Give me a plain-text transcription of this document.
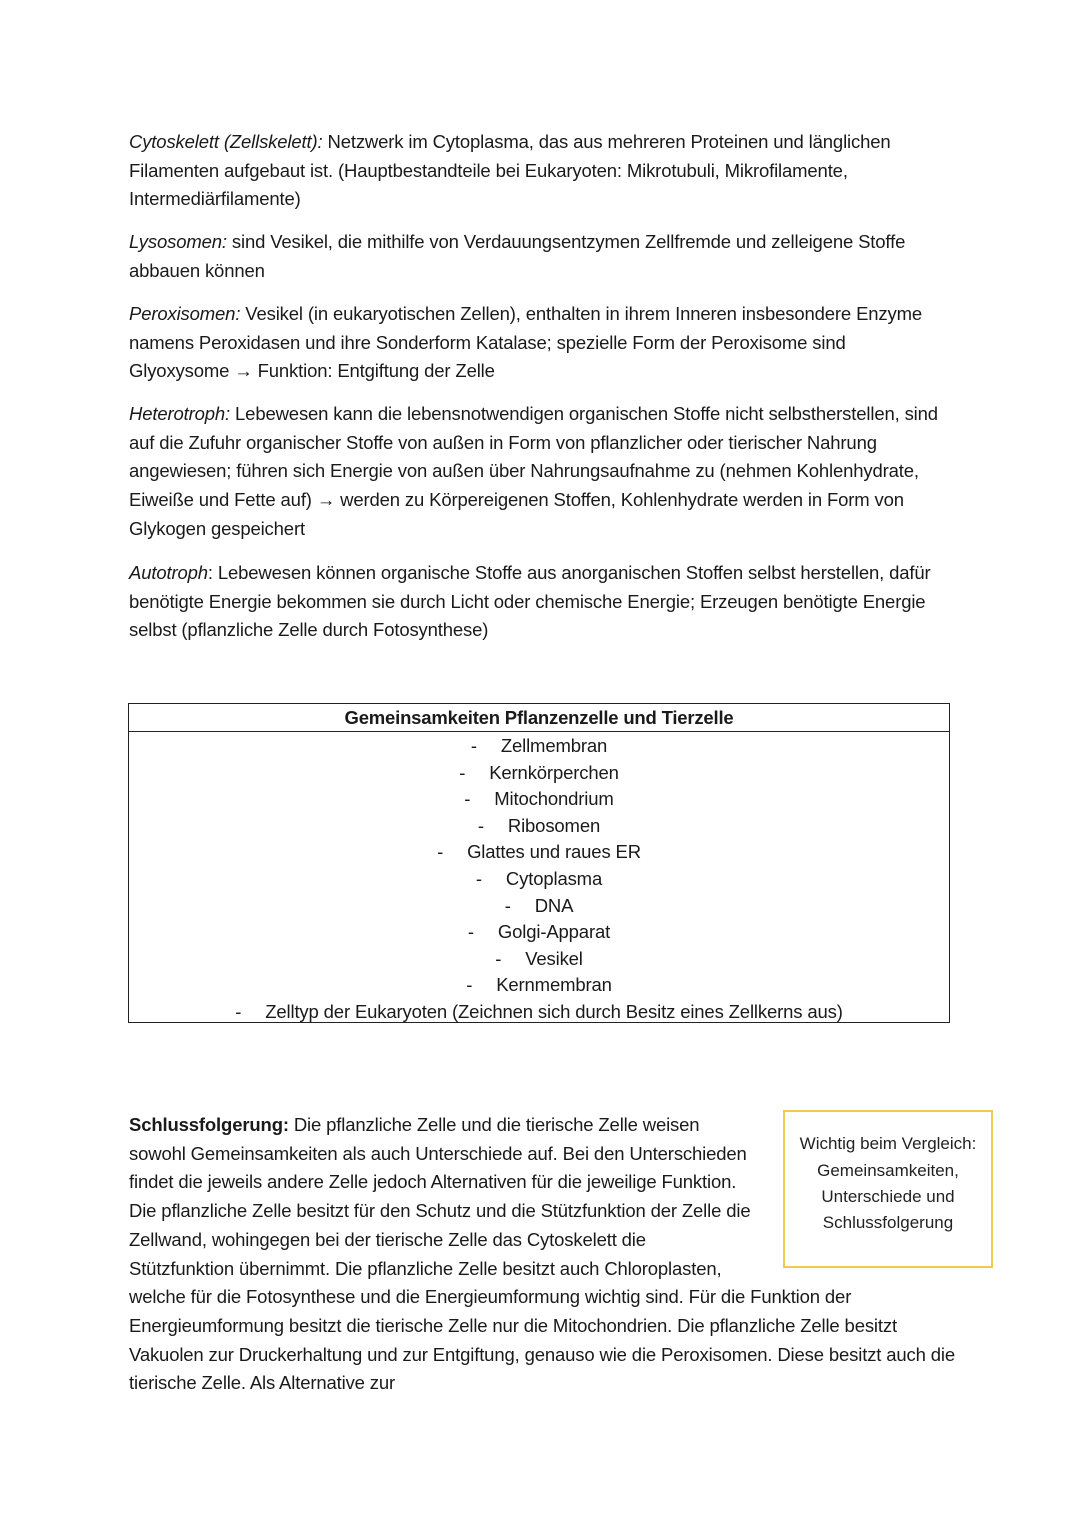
Cytoskelett (Zellskelett): Netzwerk im Cytoplasma, das aus mehreren Proteinen und länglichen Filamenten aufgebaut ist. (Hauptbestandteile bei Eukaryoten: Mikrotubuli, Mikrofilamente, Intermediärfilamente)

Lysosomen: sind Vesikel, die mithilfe von Verdauungsentzymen Zellfremde und zelleigene Stoffe abbauen können

Peroxisomen: Vesikel (in eukaryotischen Zellen), enthalten in ihrem Inneren insbesondere Enzyme namens Peroxidasen und ihre Sonderform Katalase; spezielle Form der Peroxisome sind Glyoxysome → Funktion: Entgiftung der Zelle

Heterotroph: Lebewesen kann die lebensnotwendigen organischen Stoffe nicht selbstherstellen, sind auf die Zufuhr organischer Stoffe von außen in Form von pflanzlicher oder tierischer Nahrung angewiesen; führen sich Energie von außen über Nahrungsaufnahme zu (nehmen Kohlenhydrate, Eiweiße und Fette auf) → werden zu Körpereigenen Stoffen, Kohlenhydrate werden in Form von Glykogen gespeichert

Autotroph: Lebewesen können organische Stoffe aus anorganischen Stoffen selbst herstellen, dafür benötigte Energie bekommen sie durch Licht oder chemische Energie; Erzeugen benötigte Energie selbst (pflanzliche Zelle durch Fotosynthese)

Gemeinsamkeiten Pflanzenzelle und Tierzelle
- Zellmembran
- Kernkörperchen
- Mitochondrium
- Ribosomen
- Glattes und raues ER
- Cytoplasma
- DNA
- Golgi-Apparat
- Vesikel
- Kernmembran
- Zelltyp der Eukaryoten (Zeichnen sich durch Besitz eines Zellkerns aus)

Schlussfolgerung: Die pflanzliche Zelle und die tierische Zelle weisen sowohl Gemeinsamkeiten als auch Unterschiede auf. Bei den Unterschieden findet die jeweils andere Zelle jedoch Alternativen für die jeweilige Funktion. Die pflanzliche Zelle besitzt für den Schutz und die Stützfunktion der Zelle die Zellwand, wohingegen bei der tierische Zelle das Cytoskelett die Stützfunktion übernimmt. Die pflanzliche Zelle besitzt auch Chloroplasten, welche für die Fotosynthese und die Energieumformung wichtig sind. Für die Funktion der Energieumformung besitzt die tierische Zelle nur die Mitochondrien. Die pflanzliche Zelle besitzt Vakuolen zur Druckerhaltung und zur Entgiftung, genauso wie die Peroxisomen. Diese besitzt auch die tierische Zelle. Als Alternative zur

Wichtig beim Vergleich: Gemeinsamkeiten, Unterschiede und Schlussfolgerung
